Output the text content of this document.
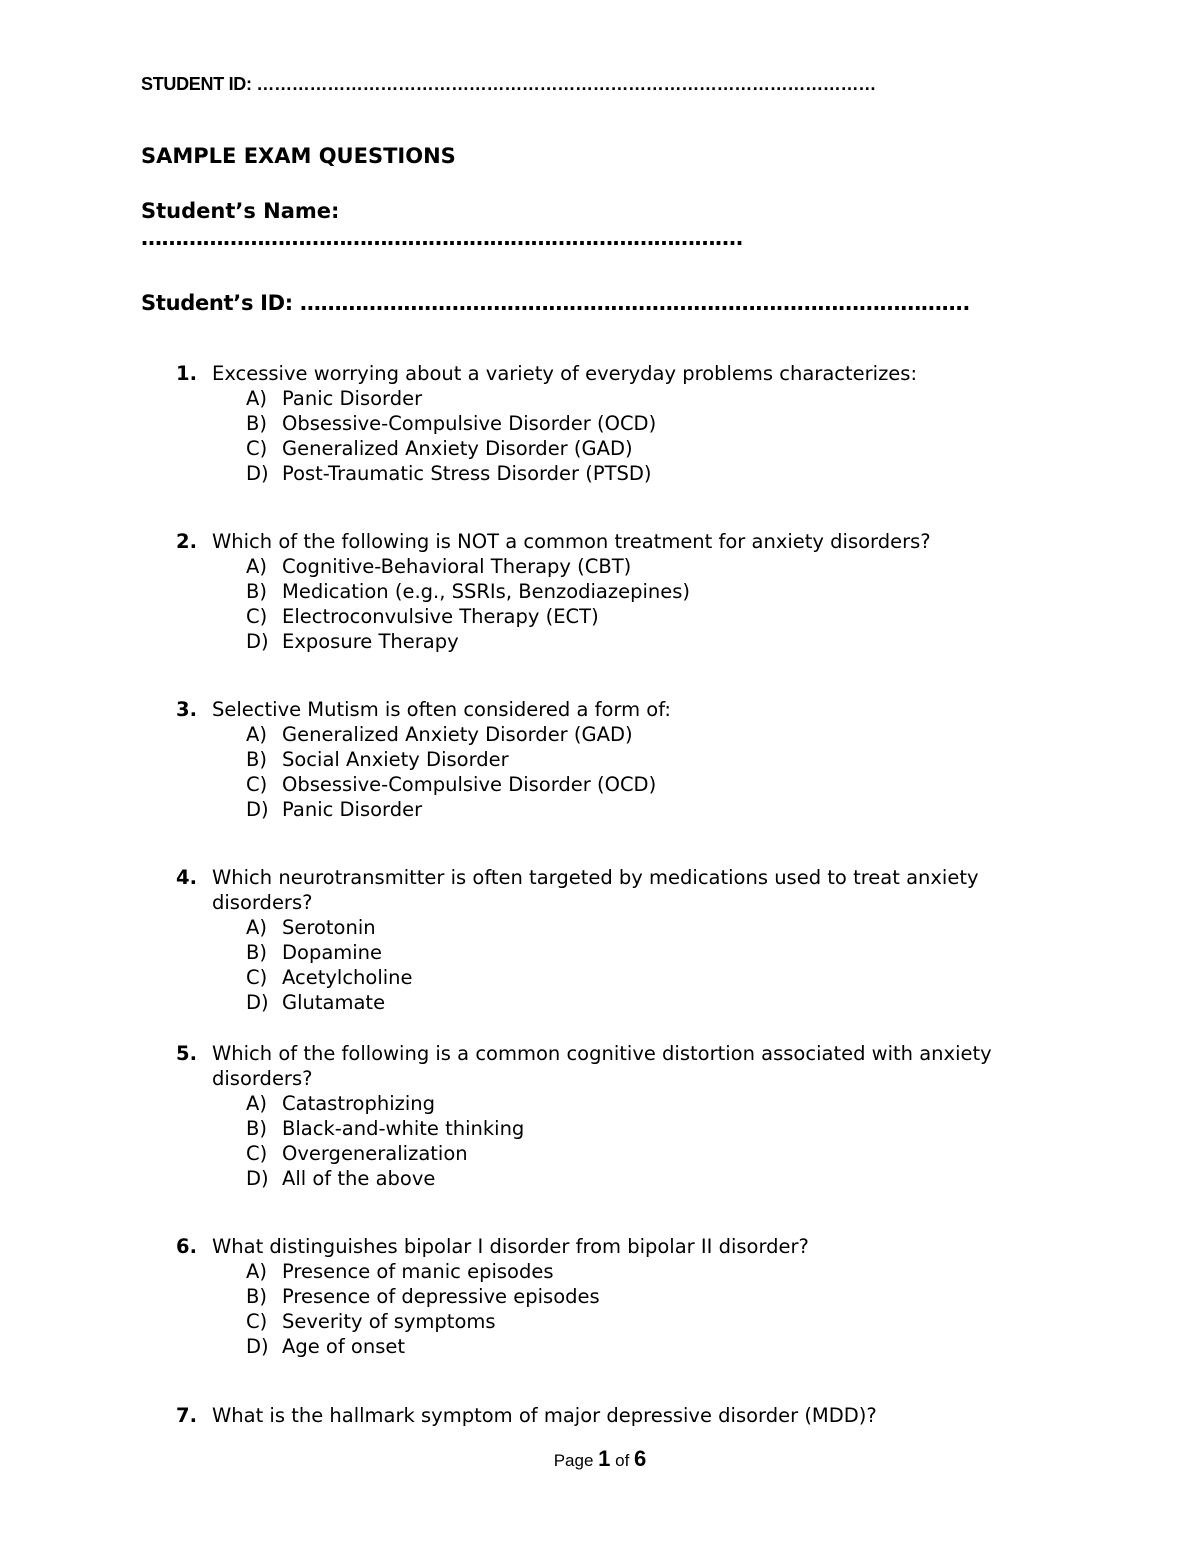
STUDENT ID: ……………………………………………………………………………………………
SAMPLE EXAM QUESTIONS
Student’s Name:
…………………………………………………………………………….
Student’s ID: …………………………………………………………………………………….
1. Excessive worrying about a variety of everyday problems characterizes:
A) Panic Disorder
B) Obsessive-Compulsive Disorder (OCD)
C) Generalized Anxiety Disorder (GAD)
D) Post-Traumatic Stress Disorder (PTSD)
2. Which of the following is NOT a common treatment for anxiety disorders?
A) Cognitive-Behavioral Therapy (CBT)
B) Medication (e.g., SSRIs, Benzodiazepines)
C) Electroconvulsive Therapy (ECT)
D) Exposure Therapy
3. Selective Mutism is often considered a form of:
A) Generalized Anxiety Disorder (GAD)
B) Social Anxiety Disorder
C) Obsessive-Compulsive Disorder (OCD)
D) Panic Disorder
4. Which neurotransmitter is often targeted by medications used to treat anxiety disorders?
A) Serotonin
B) Dopamine
C) Acetylcholine
D) Glutamate
5. Which of the following is a common cognitive distortion associated with anxiety disorders?
A) Catastrophizing
B) Black-and-white thinking
C) Overgeneralization
D) All of the above
6. What distinguishes bipolar I disorder from bipolar II disorder?
A) Presence of manic episodes
B) Presence of depressive episodes
C) Severity of symptoms
D) Age of onset
7. What is the hallmark symptom of major depressive disorder (MDD)?
Page 1 of 6
